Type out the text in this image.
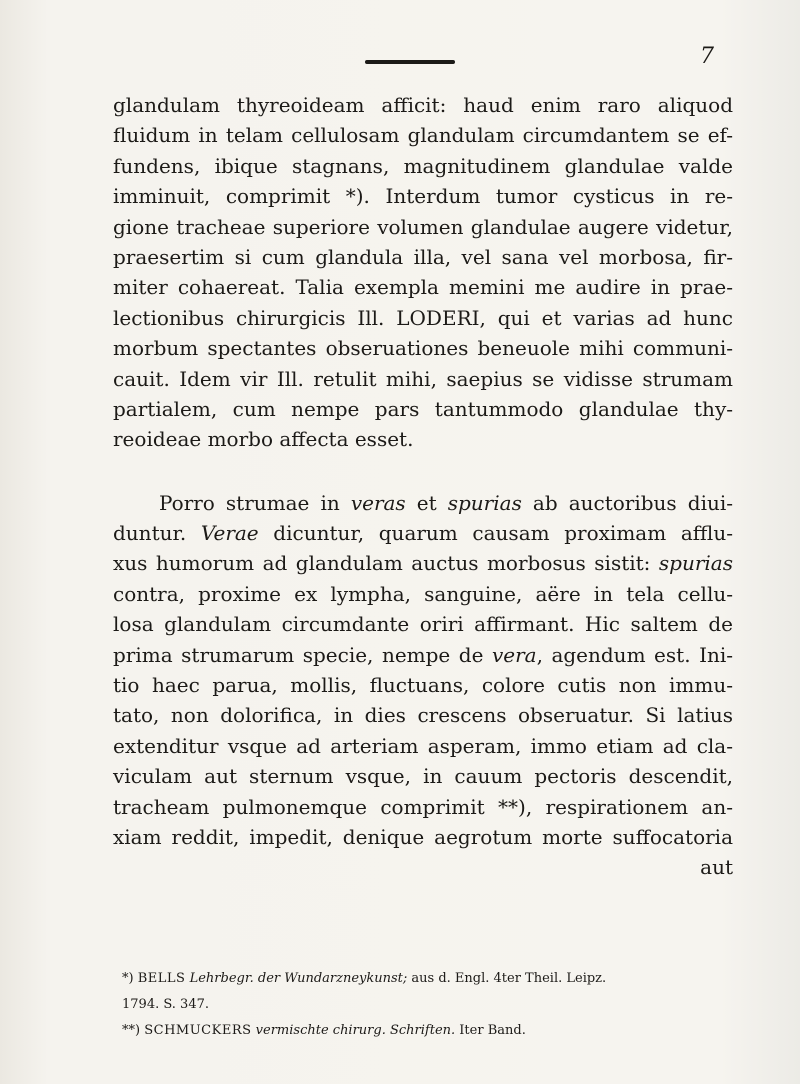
7
glandulam thyreoideam afficit: haud enim raro aliquod
fluidum in telam cellulosam glandulam circumdantem se ef-
fundens, ibique stagnans, magnitudinem glandulae valde
imminuit, comprimit *). Interdum tumor cysticus in re-
gione tracheae superiore volumen glandulae augere videtur,
praesertim si cum glandula illa, vel sana vel morbosa, fir-
miter cohaereat. Talia exempla memini me audire in prae-
lectionibus chirurgicis Ill. LODERI, qui et varias ad hunc
morbum spectantes obseruationes beneuole mihi communi-
cauit. Idem vir Ill. retulit mihi, saepius se vidisse strumam
partialem, cum nempe pars tantummodo glandulae thy-
reoideae morbo affecta esset.
Porro strumae in veras et spurias ab auctoribus diui-
duntur. Verae dicuntur, quarum causam proximam afflu-
xus humorum ad glandulam auctus morbosus sistit: spurias
contra, proxime ex lympha, sanguine, aëre in tela cellu-
losa glandulam circumdante oriri affirmant. Hic saltem de
prima strumarum specie, nempe de vera, agendum est. Ini-
tio haec parua, mollis, fluctuans, colore cutis non immu-
tato, non dolorifica, in dies crescens obseruatur. Si latius
extenditur vsque ad arteriam asperam, immo etiam ad cla-
viculam aut sternum vsque, in cauum pectoris descendit,
tracheam pulmonemque comprimit **), respirationem an-
xiam reddit, impedit, denique aegrotum morte suffocatoria
aut
*) BELLS Lehrbegr. der Wundarzneykunst; aus d. Engl. 4ter Theil. Leipz.
1794. S. 347.
**) SCHMUCKERS vermischte chirurg. Schriften. Iter Band.
